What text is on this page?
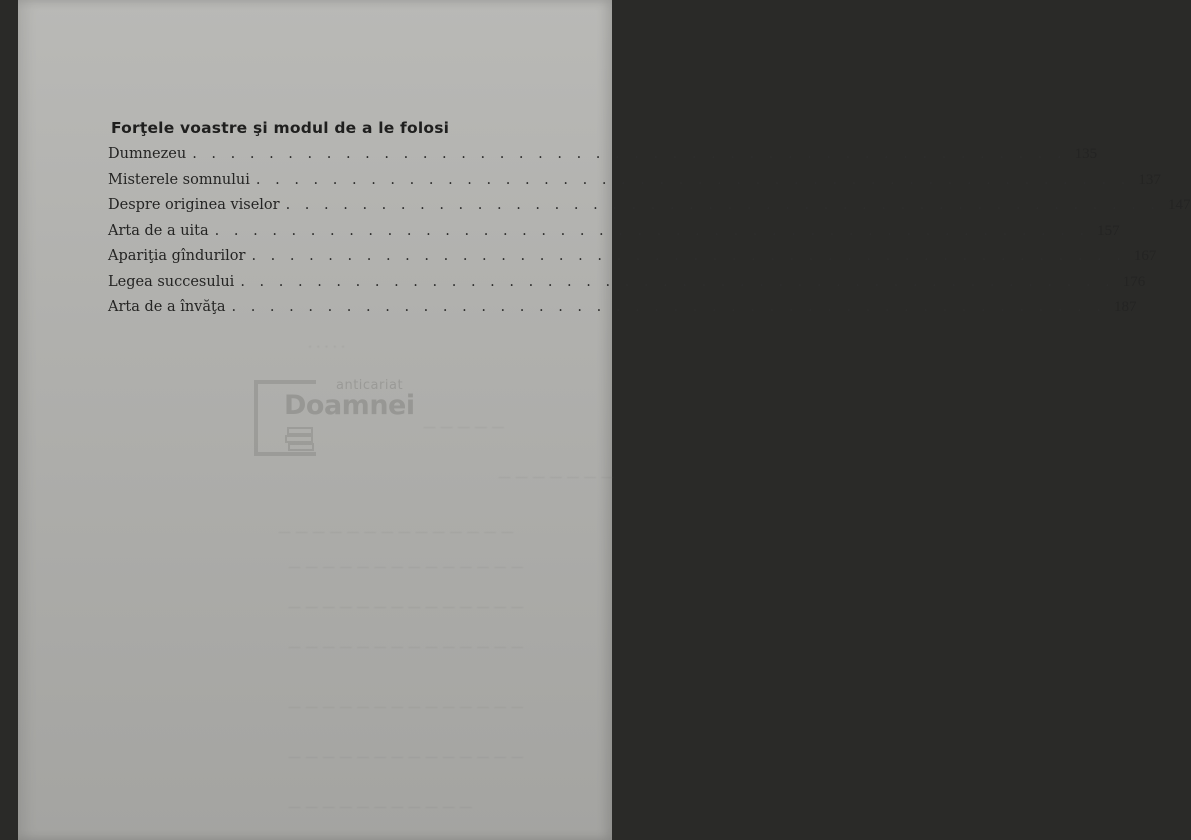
· · · · ·
— — — — —
— — — — — — —
— — — — — — — — — — — — — —
— — — — — — — — — — — — — —
— — — — — — — — — — — — — —
— — — — — — — — — — — — — —
— — — — — — — — — — — — — —
— — — — — — — — — — — — — —
— — — — — — — — — — —
Forţele voastre şi modul de a le folosi
Dumnezeu . . . . . . . . . . . . . . . . . . . . . . . . . . . . . . . . . . . . . . . . . . . . . . 135
Misterele somnului . . . . . . . . . . . . . . . . . . . . . . . . . . . . . . . . . . . . . . . . . . . . . . 137
Despre originea viselor . . . . . . . . . . . . . . . . . . . . . . . . . . . . . . . . . . . . . . . . . . . . . . 147
Arta de a uita . . . . . . . . . . . . . . . . . . . . . . . . . . . . . . . . . . . . . . . . . . . . . . 157
Apariţia gîndurilor . . . . . . . . . . . . . . . . . . . . . . . . . . . . . . . . . . . . . . . . . . . . . . 167
Legea succesului . . . . . . . . . . . . . . . . . . . . . . . . . . . . . . . . . . . . . . . . . . . . . . 176
Arta de a învăţa . . . . . . . . . . . . . . . . . . . . . . . . . . . . . . . . . . . . . . . . . . . . . . 187
anticariat
Doamnei
